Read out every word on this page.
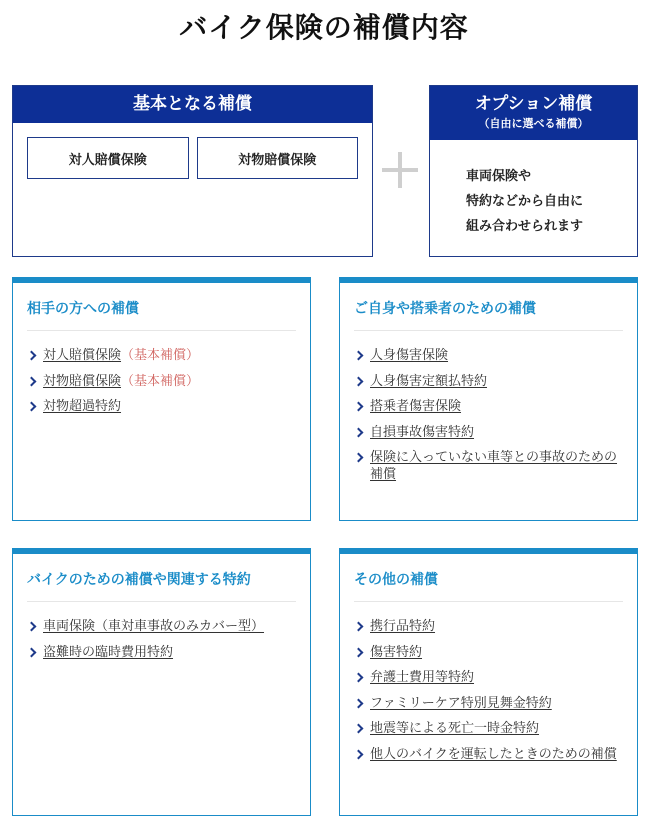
バイク保険の補償内容
基本となる補償
対人賠償保険	対物賠償保険
オプション補償
（自由に選べる補償）
車両保険や
特約などから自由に
組み合わせられます
相手の方への補償
対人賠償保険（基本補償）
対物賠償保険（基本補償）
対物超過特約
ご自身や搭乗者のための補償
人身傷害保険
人身傷害定額払特約
搭乗者傷害保険
自損事故傷害特約
保険に入っていない車等との事故のための補償
バイクのための補償や関連する特約
車両保険（車対車事故のみカバー型）
盗難時の臨時費用特約
その他の補償
携行品特約
傷害特約
弁護士費用等特約
ファミリーケア特別見舞金特約
地震等による死亡一時金特約
他人のバイクを運転したときのための補償
